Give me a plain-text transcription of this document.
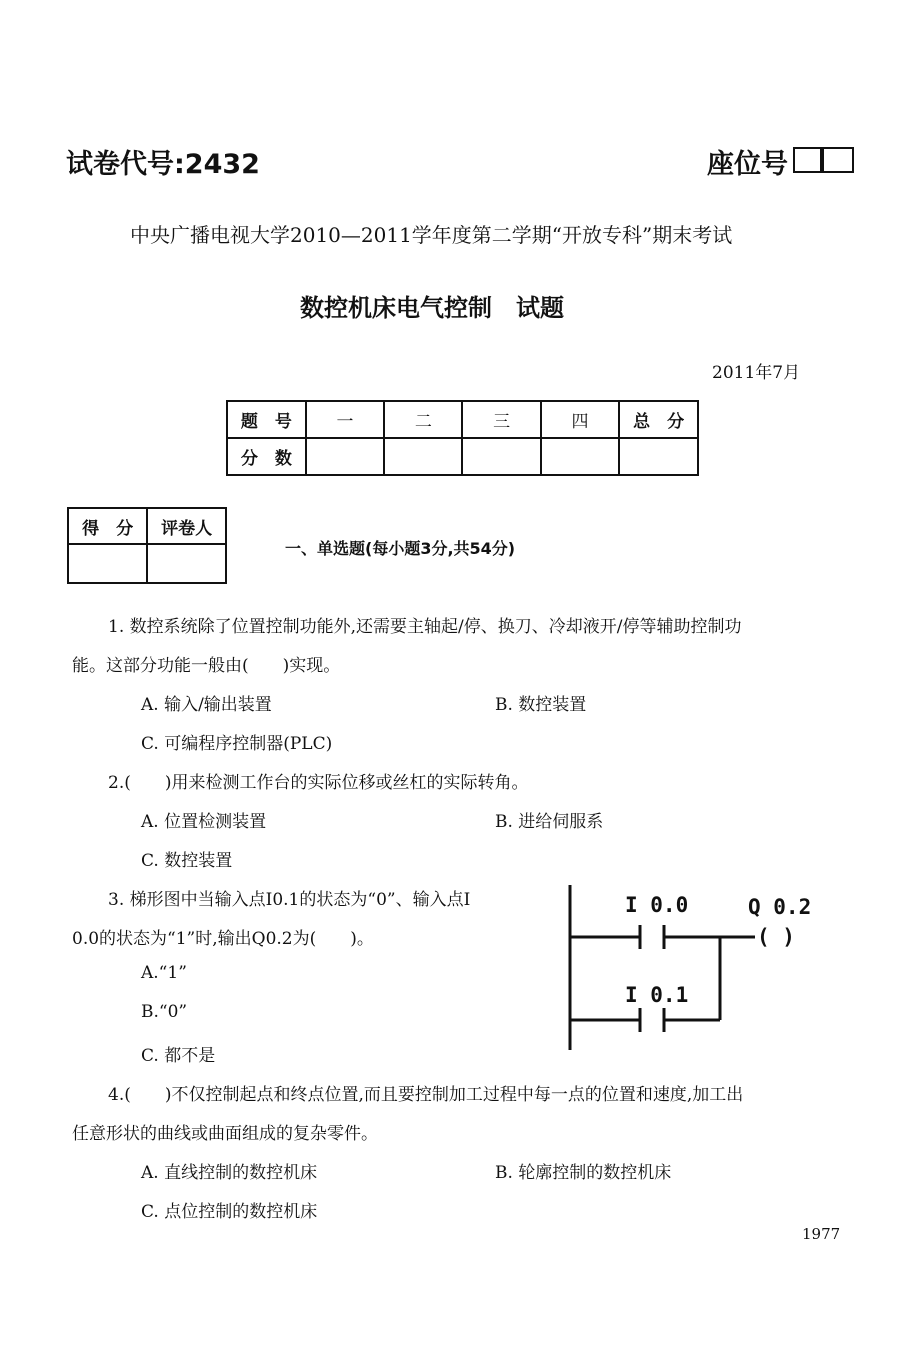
试卷代号:2432	座位号
中央广播电视大学2010—2011学年度第二学期“开放专科”期末考试
数控机床电气控制　试题
2011年7月
题　号	一	二	三	四	总　分
分　数					
得　分	评卷人

一、单选题(每小题3分,共54分)
1. 数控系统除了位置控制功能外,还需要主轴起/停、换刀、冷却液开/停等辅助控制功
能。这部分功能一般由(　　)实现。
A. 输入/输出装置	B. 数控装置
C. 可编程序控制器(PLC)
2.(　　)用来检测工作台的实际位移或丝杠的实际转角。
A. 位置检测装置	B. 进给伺服系
C. 数控装置
3. 梯形图中当输入点I0.1的状态为“0”、输入点I
0.0的状态为“1”时,输出Q0.2为(　　)。
A.“1”
B.“0”
C. 都不是
I 0.0	Q 0.2
( )
I 0.1
4.(　　)不仅控制起点和终点位置,而且要控制加工过程中每一点的位置和速度,加工出
任意形状的曲线或曲面组成的复杂零件。
A. 直线控制的数控机床	B. 轮廓控制的数控机床
C. 点位控制的数控机床
1977
